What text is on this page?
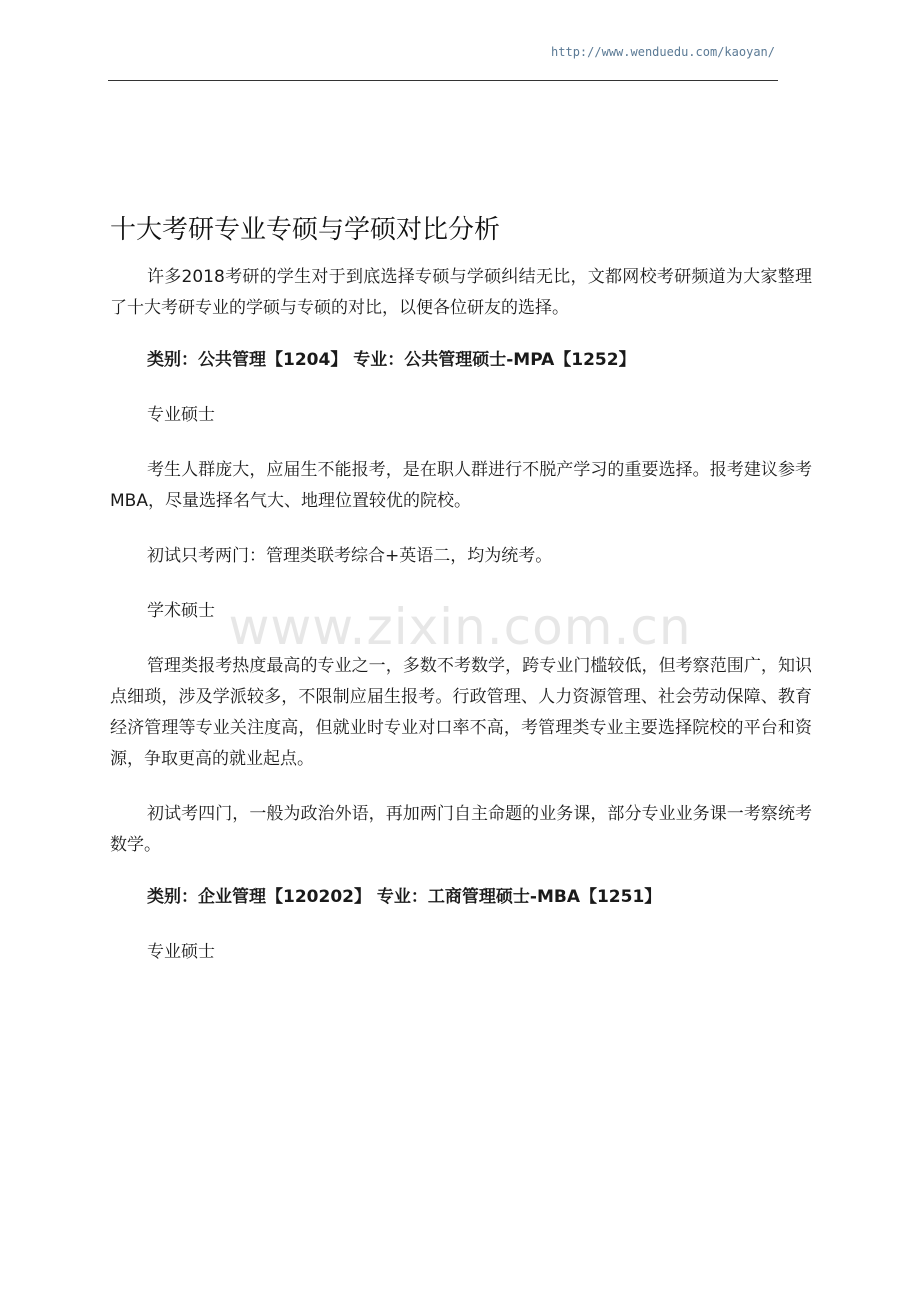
http://www.wenduedu.com/kaoyan/
www.zixin.com.cn
十大考研专业专硕与学硕对比分析

许多2018考研的学生对于到底选择专硕与学硕纠结无比，文都网校考研频道为大家整理了十大考研专业的学硕与专硕的对比，以便各位研友的选择。

类别：公共管理【1204】 专业：公共管理硕士-MPA【1252】

专业硕士

考生人群庞大，应届生不能报考，是在职人群进行不脱产学习的重要选择。报考建议参考MBA，尽量选择名气大、地理位置较优的院校。

初试只考两门：管理类联考综合+英语二，均为统考。

学术硕士

管理类报考热度最高的专业之一，多数不考数学，跨专业门槛较低，但考察范围广，知识点细琐，涉及学派较多，不限制应届生报考。行政管理、人力资源管理、社会劳动保障、教育经济管理等专业关注度高，但就业时专业对口率不高，考管理类专业主要选择院校的平台和资源，争取更高的就业起点。

初试考四门，一般为政治外语，再加两门自主命题的业务课，部分专业业务课一考察统考数学。

类别：企业管理【120202】 专业：工商管理硕士-MBA【1251】

专业硕士
